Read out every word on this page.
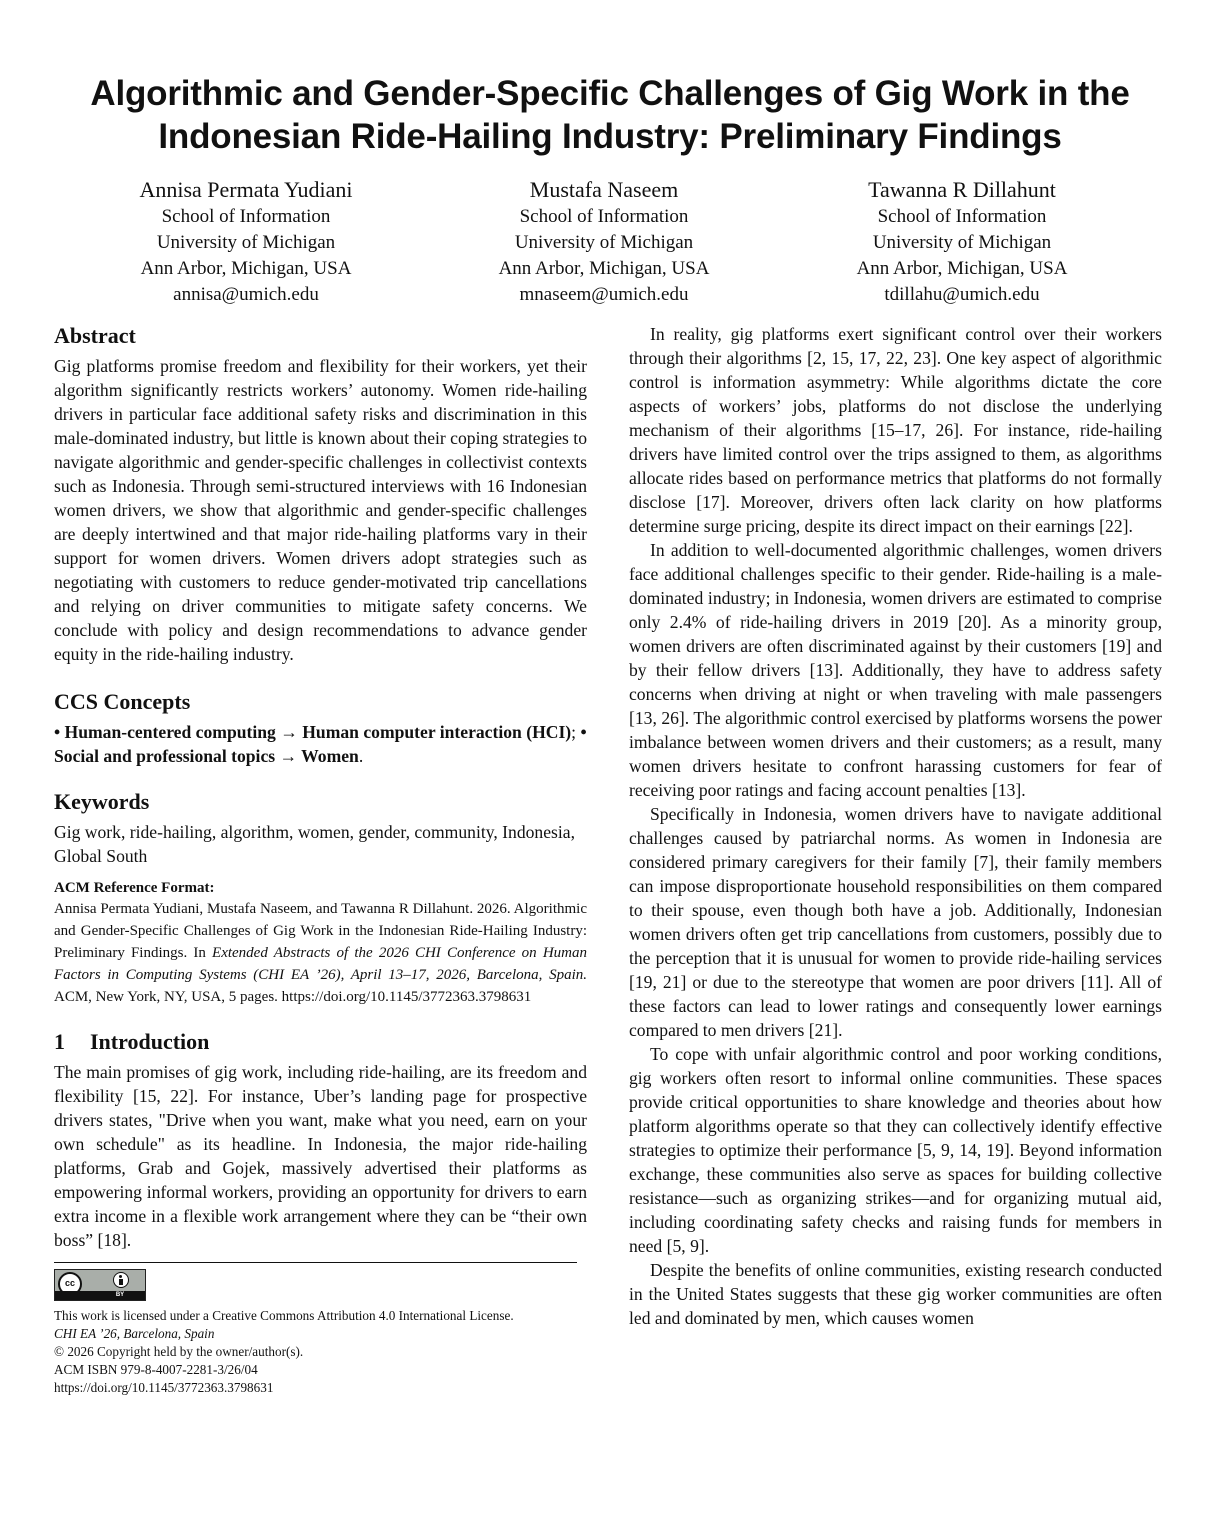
Algorithmic and Gender-Specific Challenges of Gig Work in the
Indonesian Ride-Hailing Industry: Preliminary Findings
Annisa Permata Yudiani
School of Information
University of Michigan
Ann Arbor, Michigan, USA
annisa@umich.edu
Mustafa Naseem
School of Information
University of Michigan
Ann Arbor, Michigan, USA
mnaseem@umich.edu
Tawanna R Dillahunt
School of Information
University of Michigan
Ann Arbor, Michigan, USA
tdillahu@umich.edu
Abstract

Gig platforms promise freedom and flexibility for their workers, yet their algorithm significantly restricts workers’ autonomy. Women ride-hailing drivers in particular face additional safety risks and discrimination in this male-dominated industry, but little is known about their coping strategies to navigate algorithmic and gender-specific challenges in collectivist contexts such as Indonesia. Through semi-structured interviews with 16 Indonesian women drivers, we show that algorithmic and gender-specific challenges are deeply intertwined and that major ride-hailing platforms vary in their support for women drivers. Women drivers adopt strategies such as negotiating with customers to reduce gender-motivated trip cancellations and relying on driver communities to mitigate safety concerns. We conclude with policy and design recommendations to advance gender equity in the ride-hailing industry.

CCS Concepts

• Human-centered computing → Human computer interaction (HCI); • Social and professional topics → Women.

Keywords

Gig work, ride-hailing, algorithm, women, gender, community, Indonesia, Global South

ACM Reference Format:
Annisa Permata Yudiani, Mustafa Naseem, and Tawanna R Dillahunt. 2026. Algorithmic and Gender-Specific Challenges of Gig Work in the Indonesian Ride-Hailing Industry: Preliminary Findings. In Extended Abstracts of the 2026 CHI Conference on Human Factors in Computing Systems (CHI EA ’26), April 13–17, 2026, Barcelona, Spain. ACM, New York, NY, USA, 5 pages. https://doi.org/10.1145/3772363.3798631
1 Introduction

The main promises of gig work, including ride-hailing, are its freedom and flexibility [15, 22]. For instance, Uber’s landing page for prospective drivers states, "Drive when you want, make what you need, earn on your own schedule" as its headline. In Indonesia, the major ride-hailing platforms, Grab and Gojek, massively advertised their platforms as empowering informal workers, providing an opportunity for drivers to earn extra income in a flexible work arrangement where they can be “their own boss” [18].

cc
BY
This work is licensed under a Creative Commons Attribution 4.0 International License.
CHI EA ’26, Barcelona, Spain
© 2026 Copyright held by the owner/author(s).
ACM ISBN 979-8-4007-2281-3/26/04
https://doi.org/10.1145/3772363.3798631

In reality, gig platforms exert significant control over their workers through their algorithms [2, 15, 17, 22, 23]. One key aspect of algorithmic control is information asymmetry: While algorithms dictate the core aspects of workers’ jobs, platforms do not disclose the underlying mechanism of their algorithms [15–17, 26]. For instance, ride-hailing drivers have limited control over the trips assigned to them, as algorithms allocate rides based on performance metrics that platforms do not formally disclose [17]. Moreover, drivers often lack clarity on how platforms determine surge pricing, despite its direct impact on their earnings [22].

In addition to well-documented algorithmic challenges, women drivers face additional challenges specific to their gender. Ride-hailing is a male-dominated industry; in Indonesia, women drivers are estimated to comprise only 2.4% of ride-hailing drivers in 2019 [20]. As a minority group, women drivers are often discriminated against by their customers [19] and by their fellow drivers [13]. Additionally, they have to address safety concerns when driving at night or when traveling with male passengers [13, 26]. The algorithmic control exercised by platforms worsens the power imbalance between women drivers and their customers; as a result, many women drivers hesitate to confront harassing customers for fear of receiving poor ratings and facing account penalties [13].

Specifically in Indonesia, women drivers have to navigate additional challenges caused by patriarchal norms. As women in Indonesia are considered primary caregivers for their family [7], their family members can impose disproportionate household responsibilities on them compared to their spouse, even though both have a job. Additionally, Indonesian women drivers often get trip cancellations from customers, possibly due to the perception that it is unusual for women to provide ride-hailing services [19, 21] or due to the stereotype that women are poor drivers [11]. All of these factors can lead to lower ratings and consequently lower earnings compared to men drivers [21].

To cope with unfair algorithmic control and poor working conditions, gig workers often resort to informal online communities. These spaces provide critical opportunities to share knowledge and theories about how platform algorithms operate so that they can collectively identify effective strategies to optimize their performance [5, 9, 14, 19]. Beyond information exchange, these communities also serve as spaces for building collective resistance—such as organizing strikes—and for organizing mutual aid, including coordinating safety checks and raising funds for members in need [5, 9].

Despite the benefits of online communities, existing research conducted in the United States suggests that these gig worker communities are often led and dominated by men, which causes women
